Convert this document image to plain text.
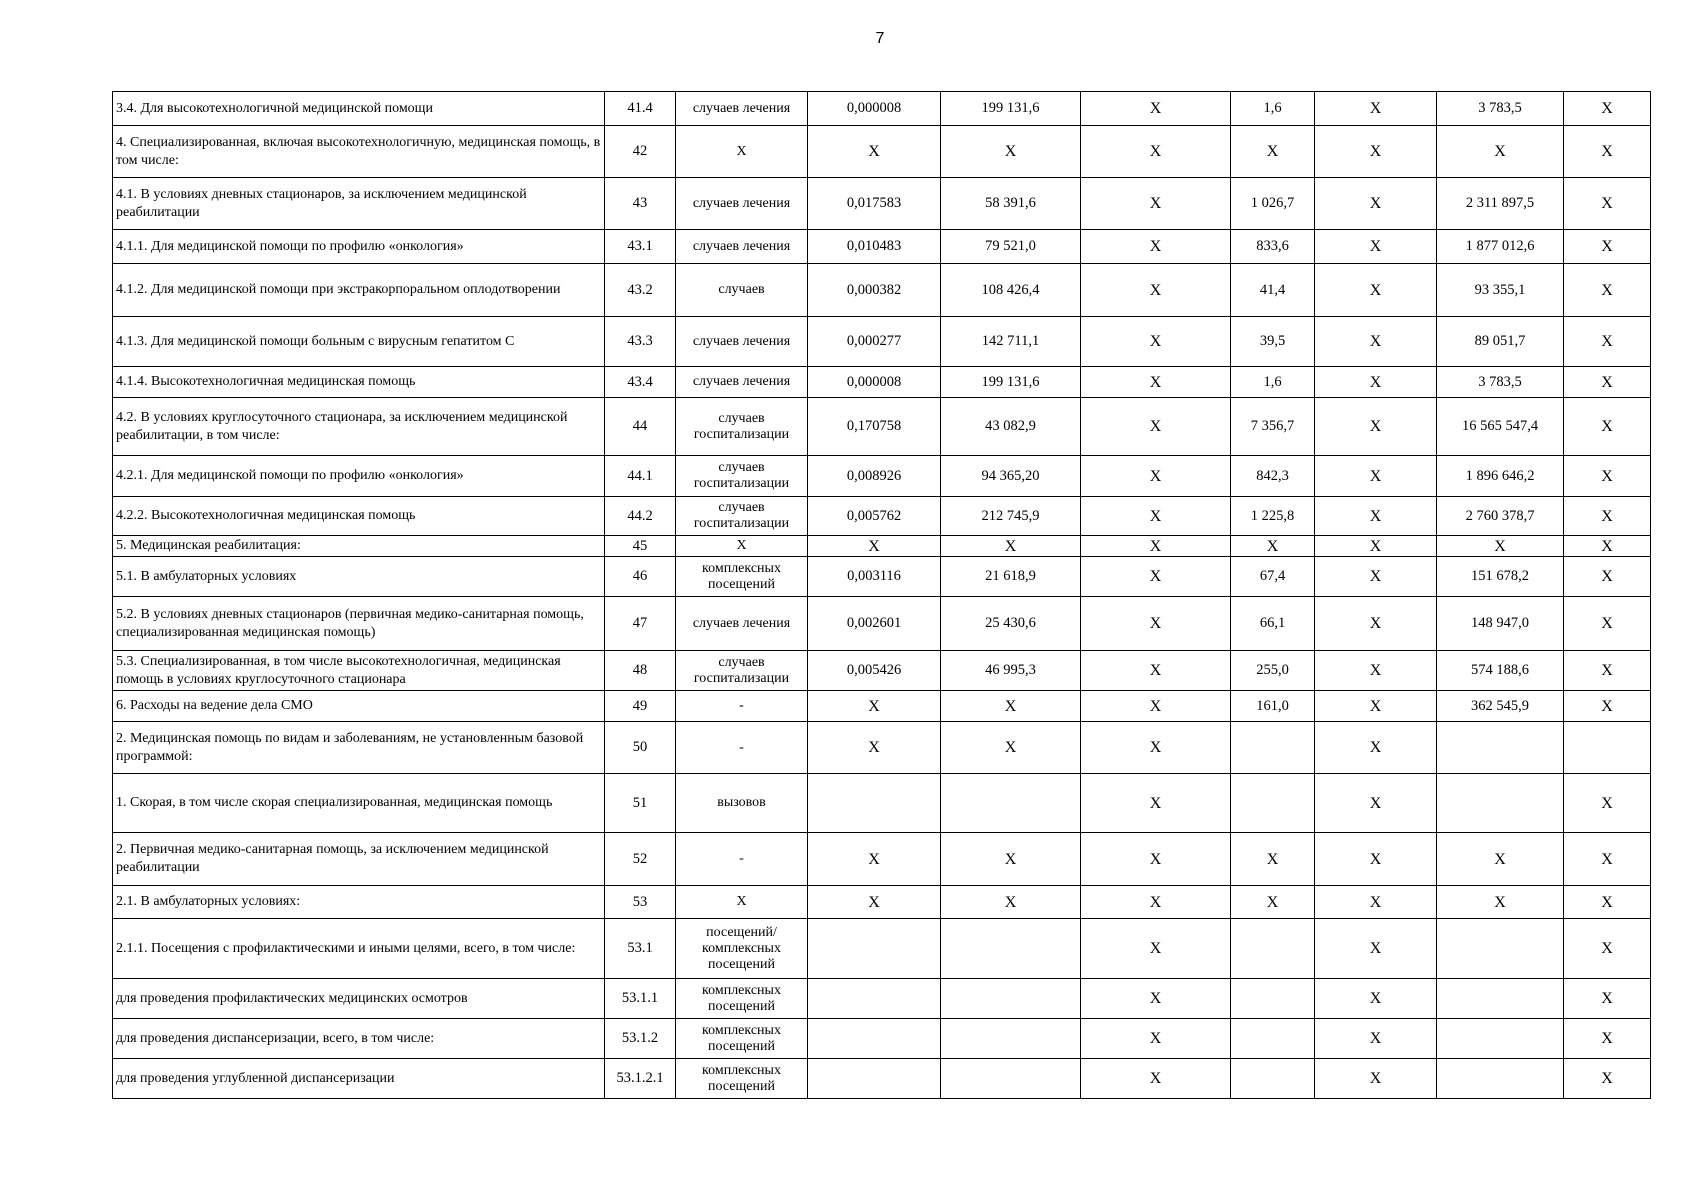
7
3.4. Для высокотехнологичной медицинской помощи	41.4	случаев лечения	0,000008	199 131,6	X	1,6	X	3 783,5	X
4. Специализированная, включая высокотехнологичную, медицинская помощь, в том числе:	42	X	X	X	X	X	X	X	X
4.1. В условиях дневных стационаров, за исключением медицинской реабилитации	43	случаев лечения	0,017583	58 391,6	X	1 026,7	X	2 311 897,5	X
4.1.1. Для медицинской помощи по профилю «онкология»	43.1	случаев лечения	0,010483	79 521,0	X	833,6	X	1 877 012,6	X
4.1.2. Для медицинской помощи при экстракорпоральном оплодотворении	43.2	случаев	0,000382	108 426,4	X	41,4	X	93 355,1	X
4.1.3. Для медицинской помощи больным с вирусным гепатитом С	43.3	случаев лечения	0,000277	142 711,1	X	39,5	X	89 051,7	X
4.1.4. Высокотехнологичная медицинская помощь	43.4	случаев лечения	0,000008	199 131,6	X	1,6	X	3 783,5	X
4.2. В условиях круглосуточного стационара, за исключением медицинской реабилитации, в том числе:	44	случаев госпитализации	0,170758	43 082,9	X	7 356,7	X	16 565 547,4	X
4.2.1. Для медицинской помощи по профилю «онкология»	44.1	случаев госпитализации	0,008926	94 365,20	X	842,3	X	1 896 646,2	X
4.2.2. Высокотехнологичная медицинская помощь	44.2	случаев госпитализации	0,005762	212 745,9	X	1 225,8	X	2 760 378,7	X
5. Медицинская реабилитация:	45	X	X	X	X	X	X	X	X
5.1. В амбулаторных условиях	46	комплексных посещений	0,003116	21 618,9	X	67,4	X	151 678,2	X
5.2. В условиях дневных стационаров (первичная медико-санитарная помощь, специализированная медицинская помощь)	47	случаев лечения	0,002601	25 430,6	X	66,1	X	148 947,0	X
5.3. Специализированная, в том числе высокотехнологичная, медицинская помощь в условиях круглосуточного стационара	48	случаев госпитализации	0,005426	46 995,3	X	255,0	X	574 188,6	X
6. Расходы на ведение дела СМО	49	-	X	X	X	161,0	X	362 545,9	X
2. Медицинская помощь по видам и заболеваниям, не установленным базовой программой:	50	-	X	X	X		X		
1. Скорая, в том числе скорая специализированная, медицинская помощь	51	вызовов			X		X		X
2. Первичная медико-санитарная помощь, за исключением медицинской реабилитации	52	-	X	X	X	X	X	X	X
2.1. В амбулаторных условиях:	53	X	X	X	X	X	X	X	X
2.1.1. Посещения с профилактическими и иными целями, всего, в том числе:	53.1	посещений/ комплексных посещений			X		X		X
для проведения профилактических медицинских осмотров	53.1.1	комплексных посещений			X		X		X
для проведения диспансеризации, всего, в том числе:	53.1.2	комплексных посещений			X		X		X
для проведения углубленной диспансеризации	53.1.2.1	комплексных посещений			X		X		X
